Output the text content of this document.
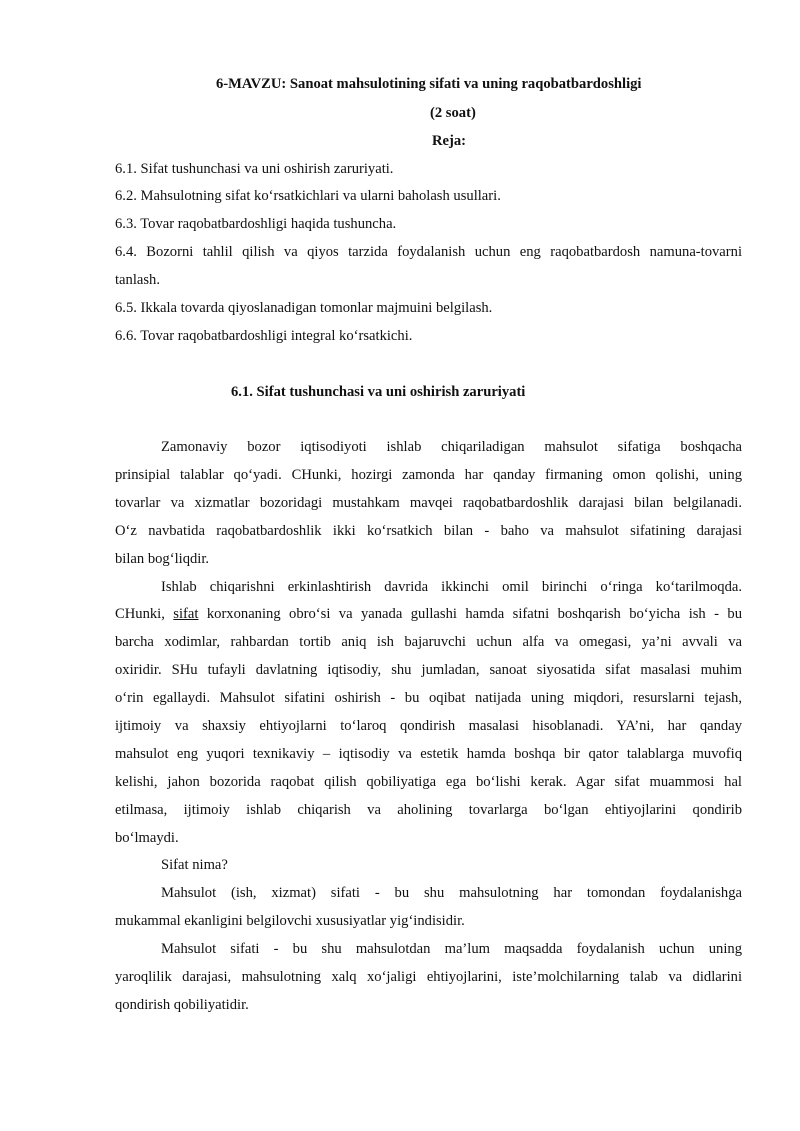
6-MAVZU: Sanoat mahsulotining sifati va uning raqobatbardoshligi

(2 soat)

Reja:

6.1. Sifat tushunchasi va uni oshirish zaruriyati.

6.2. Mahsulotning sifat ko‘rsatkichlari va ularni baholash usullari.

6.3. Tovar raqobatbardoshligi haqida tushuncha.

6.4. Bozorni tahlil qilish va qiyos tarzida foydalanish uchun eng raqobatbardosh namuna-tovarni

tanlash.

6.5. Ikkala tovarda qiyoslanadigan tomonlar majmuini belgilash.

6.6. Tovar raqobatbardoshligi integral ko‘rsatkichi.

6.1. Sifat tushunchasi va uni oshirish zaruriyati

Zamonaviy bozor iqtisodiyoti ishlab chiqariladigan mahsulot sifatiga boshqacha

prinsipial talablar qo‘yadi. CHunki, hozirgi zamonda har qanday firmaning omon qolishi, uning

tovarlar va xizmatlar bozoridagi mustahkam mavqei raqobatbardoshlik darajasi bilan belgilanadi.

O‘z navbatida raqobatbardoshlik ikki ko‘rsatkich bilan - baho va mahsulot sifatining darajasi

bilan bog‘liqdir.

Ishlab chiqarishni erkinlashtirish davrida ikkinchi omil birinchi o‘ringa ko‘tarilmoqda.

CHunki, sifat korxonaning obro‘si va yanada gullashi hamda sifatni boshqarish bo‘yicha ish - bu

barcha xodimlar, rahbardan tortib aniq ish bajaruvchi uchun alfa va omegasi, ya’ni avvali va

oxiridir. SHu tufayli davlatning iqtisodiy, shu jumladan, sanoat siyosatida sifat masalasi muhim

o‘rin egallaydi. Mahsulot sifatini oshirish - bu oqibat natijada uning miqdori, resurslarni tejash,

ijtimoiy va shaxsiy ehtiyojlarni to‘laroq qondirish masalasi hisoblanadi. YA’ni, har qanday

mahsulot eng yuqori texnikaviy – iqtisodiy va estetik hamda boshqa bir qator talablarga muvofiq

kelishi, jahon bozorida raqobat qilish qobiliyatiga ega bo‘lishi kerak. Agar sifat muammosi hal

etilmasa, ijtimoiy ishlab chiqarish va aholining tovarlarga bo‘lgan ehtiyojlarini qondirib

bo‘lmaydi.

Sifat nima?

Mahsulot (ish, xizmat) sifati - bu shu mahsulotning har tomondan foydalanishga

mukammal ekanligini belgilovchi xususiyatlar yig‘indisidir.

Mahsulot sifati - bu shu mahsulotdan ma’lum maqsadda foydalanish uchun uning

yaroqlilik darajasi, mahsulotning xalq xo‘jaligi ehtiyojlarini, iste’molchilarning talab va didlarini

qondirish qobiliyatidir.
